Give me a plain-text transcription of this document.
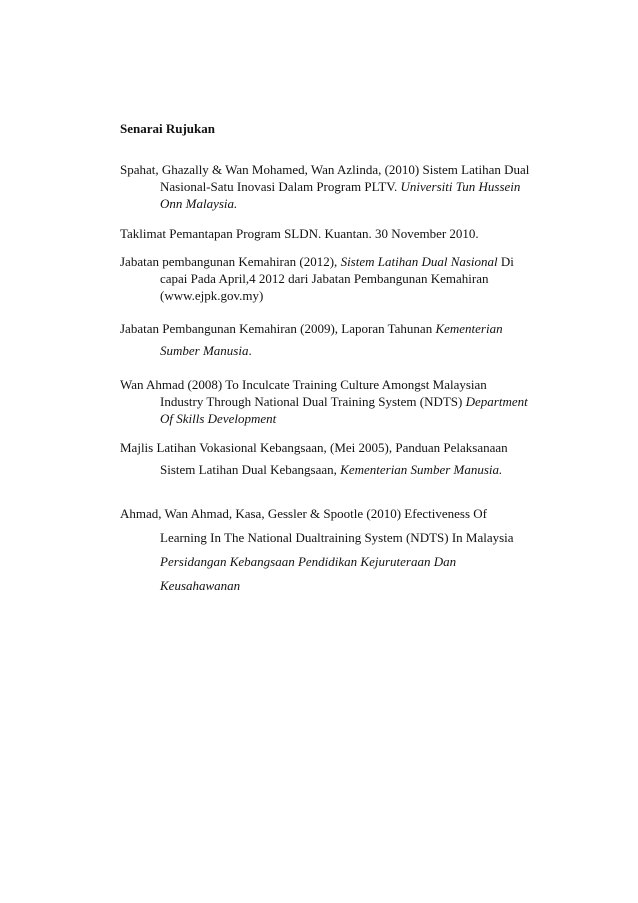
Senarai Rujukan
Spahat, Ghazally & Wan Mohamed, Wan Azlinda, (2010) Sistem Latihan Dual
Nasional-Satu Inovasi Dalam Program PLTV. Universiti Tun Hussein
Onn Malaysia.
Taklimat Pemantapan Program SLDN. Kuantan. 30 November 2010.
Jabatan pembangunan Kemahiran (2012), Sistem Latihan Dual Nasional Di
capai Pada April,4 2012 dari Jabatan Pembangunan Kemahiran
(www.ejpk.gov.my)
Jabatan Pembangunan Kemahiran (2009), Laporan Tahunan Kementerian
Sumber Manusia.
Wan Ahmad (2008) To Inculcate Training Culture Amongst Malaysian
Industry Through National Dual Training System (NDTS) Department
Of Skills Development
Majlis Latihan Vokasional Kebangsaan, (Mei 2005), Panduan Pelaksanaan
Sistem Latihan Dual Kebangsaan, Kementerian Sumber Manusia.
Ahmad, Wan Ahmad, Kasa, Gessler & Spootle (2010) Efectiveness Of
Learning In The National Dualtraining System (NDTS) In Malaysia
Persidangan Kebangsaan Pendidikan Kejuruteraan Dan
Keusahawanan
